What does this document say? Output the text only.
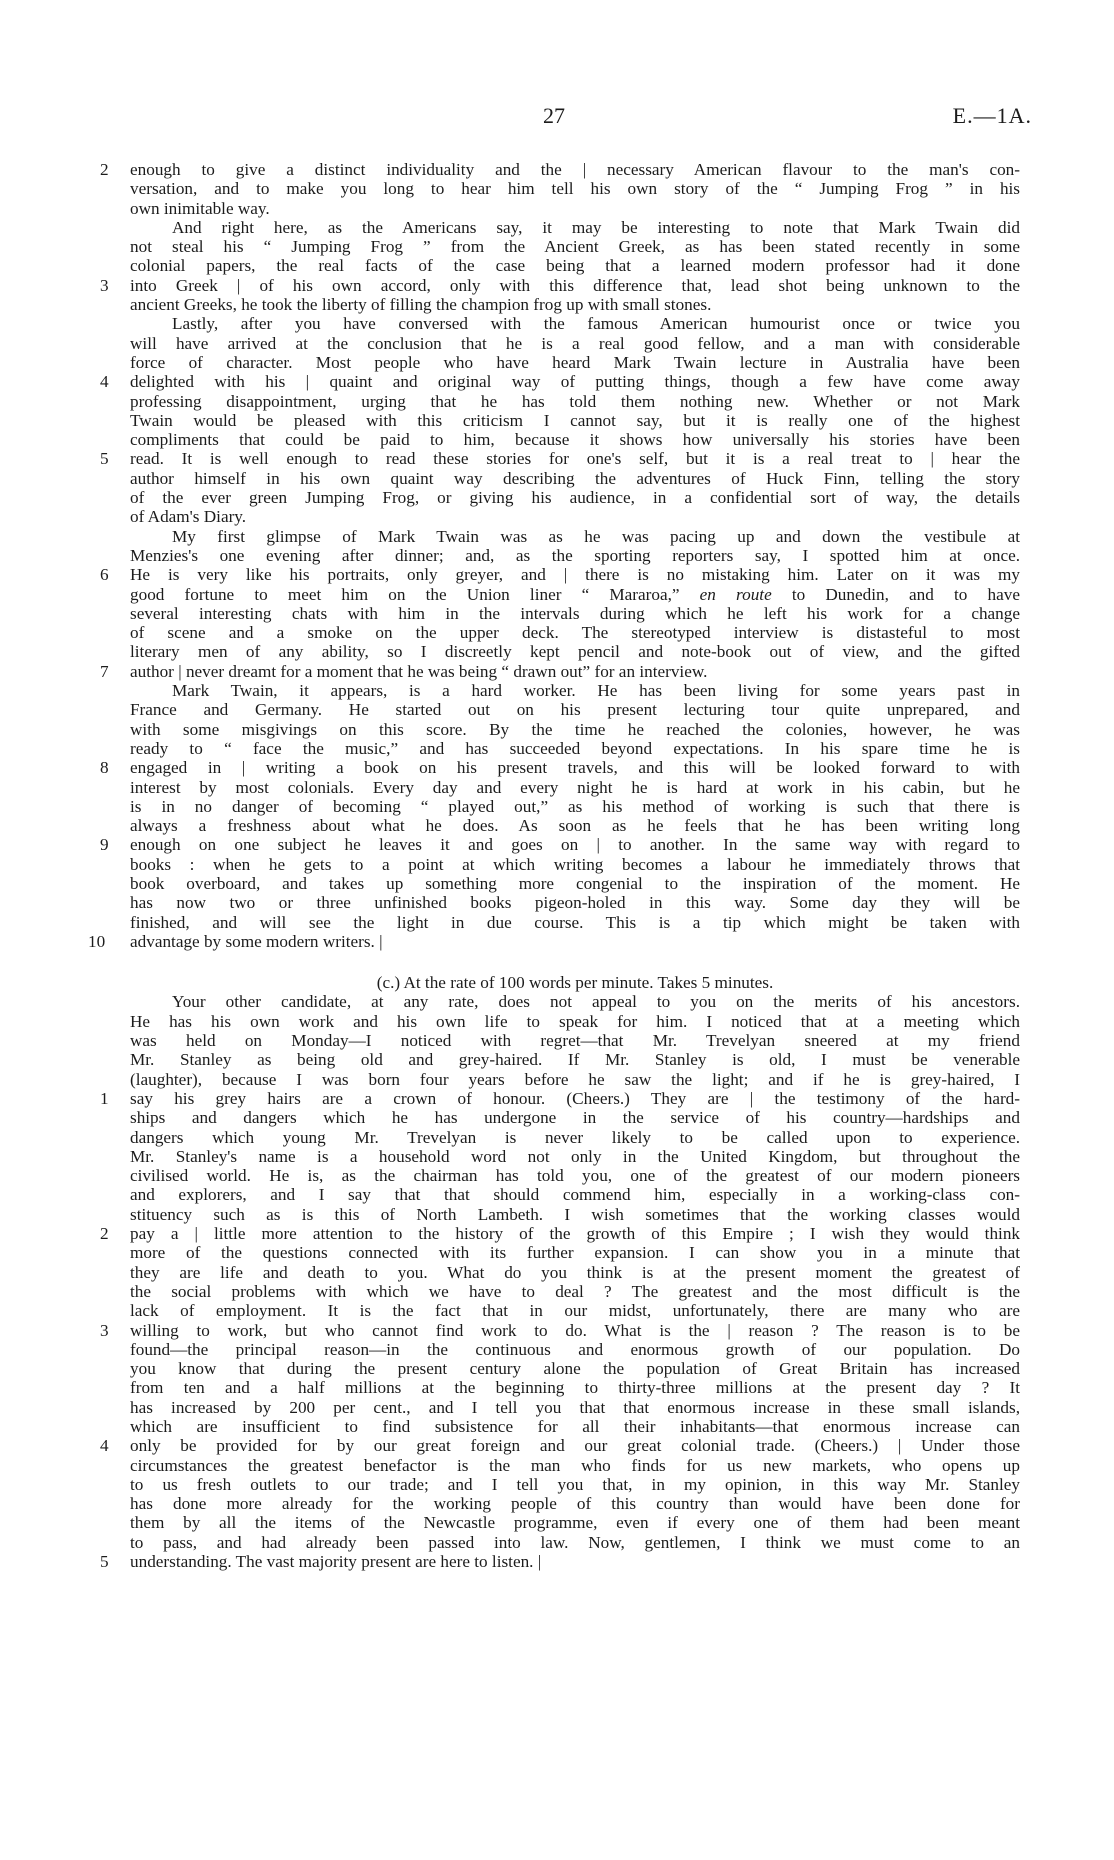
27	E.—1A.
2 enough to give a distinct individuality and the | necessary American flavour to the man's con-
versation, and to make you long to hear him tell his own story of the “ Jumping Frog ” in his
own inimitable way.
And right here, as the Americans say, it may be interesting to note that Mark Twain did
not steal his “ Jumping Frog ” from the Ancient Greek, as has been stated recently in some
colonial papers, the real facts of the case being that a learned modern professor had it done
3 into Greek | of his own accord, only with this difference that, lead shot being unknown to the
ancient Greeks, he took the liberty of filling the champion frog up with small stones.
Lastly, after you have conversed with the famous American humourist once or twice you
will have arrived at the conclusion that he is a real good fellow, and a man with considerable
force of character. Most people who have heard Mark Twain lecture in Australia have been
4 delighted with his | quaint and original way of putting things, though a few have come away
professing disappointment, urging that he has told them nothing new. Whether or not Mark
Twain would be pleased with this criticism I cannot say, but it is really one of the highest
compliments that could be paid to him, because it shows how universally his stories have been
5 read. It is well enough to read these stories for one's self, but it is a real treat to | hear the
author himself in his own quaint way describing the adventures of Huck Finn, telling the story
of the ever green Jumping Frog, or giving his audience, in a confidential sort of way, the details
of Adam's Diary.
My first glimpse of Mark Twain was as he was pacing up and down the vestibule at
Menzies's one evening after dinner; and, as the sporting reporters say, I spotted him at once.
6 He is very like his portraits, only greyer, and | there is no mistaking him. Later on it was my
good fortune to meet him on the Union liner “ Mararoa,” en route to Dunedin, and to have
several interesting chats with him in the intervals during which he left his work for a change
of scene and a smoke on the upper deck. The stereotyped interview is distasteful to most
literary men of any ability, so I discreetly kept pencil and note-book out of view, and the gifted
7 author | never dreamt for a moment that he was being “ drawn out” for an interview.
Mark Twain, it appears, is a hard worker. He has been living for some years past in
France and Germany. He started out on his present lecturing tour quite unprepared, and
with some misgivings on this score. By the time he reached the colonies, however, he was
ready to “ face the music,” and has succeeded beyond expectations. In his spare time he is
8 engaged in | writing a book on his present travels, and this will be looked forward to with
interest by most colonials. Every day and every night he is hard at work in his cabin, but he
is in no danger of becoming “ played out,” as his method of working is such that there is
always a freshness about what he does. As soon as he feels that he has been writing long
9 enough on one subject he leaves it and goes on | to another. In the same way with regard to
books : when he gets to a point at which writing becomes a labour he immediately throws that
book overboard, and takes up something more congenial to the inspiration of the moment. He
has now two or three unfinished books pigeon-holed in this way. Some day they will be
finished, and will see the light in due course. This is a tip which might be taken with
10 advantage by some modern writers. |
(c.) At the rate of 100 words per minute. Takes 5 minutes.
Your other candidate, at any rate, does not appeal to you on the merits of his ancestors.
He has his own work and his own life to speak for him. I noticed that at a meeting which
was held on Monday—I noticed with regret—that Mr. Trevelyan sneered at my friend
Mr. Stanley as being old and grey-haired. If Mr. Stanley is old, I must be venerable
(laughter), because I was born four years before he saw the light; and if he is grey-haired, I
1 say his grey hairs are a crown of honour. (Cheers.) They are | the testimony of the hard-
ships and dangers which he has undergone in the service of his country—hardships and
dangers which young Mr. Trevelyan is never likely to be called upon to experience.
Mr. Stanley's name is a household word not only in the United Kingdom, but throughout the
civilised world. He is, as the chairman has told you, one of the greatest of our modern pioneers
and explorers, and I say that that should commend him, especially in a working-class con-
stituency such as is this of North Lambeth. I wish sometimes that the working classes would
2 pay a | little more attention to the history of the growth of this Empire ; I wish they would think
more of the questions connected with its further expansion. I can show you in a minute that
they are life and death to you. What do you think is at the present moment the greatest of
the social problems with which we have to deal ? The greatest and the most difficult is the
lack of employment. It is the fact that in our midst, unfortunately, there are many who are
3 willing to work, but who cannot find work to do. What is the | reason ? The reason is to be
found—the principal reason—in the continuous and enormous growth of our population. Do
you know that during the present century alone the population of Great Britain has increased
from ten and a half millions at the beginning to thirty-three millions at the present day ? It
has increased by 200 per cent., and I tell you that that enormous increase in these small islands,
which are insufficient to find subsistence for all their inhabitants—that enormous increase can
4 only be provided for by our great foreign and our great colonial trade. (Cheers.) | Under those
circumstances the greatest benefactor is the man who finds for us new markets, who opens up
to us fresh outlets to our trade; and I tell you that, in my opinion, in this way Mr. Stanley
has done more already for the working people of this country than would have been done for
them by all the items of the Newcastle programme, even if every one of them had been meant
to pass, and had already been passed into law. Now, gentlemen, I think we must come to an
5 understanding. The vast majority present are here to listen. |
